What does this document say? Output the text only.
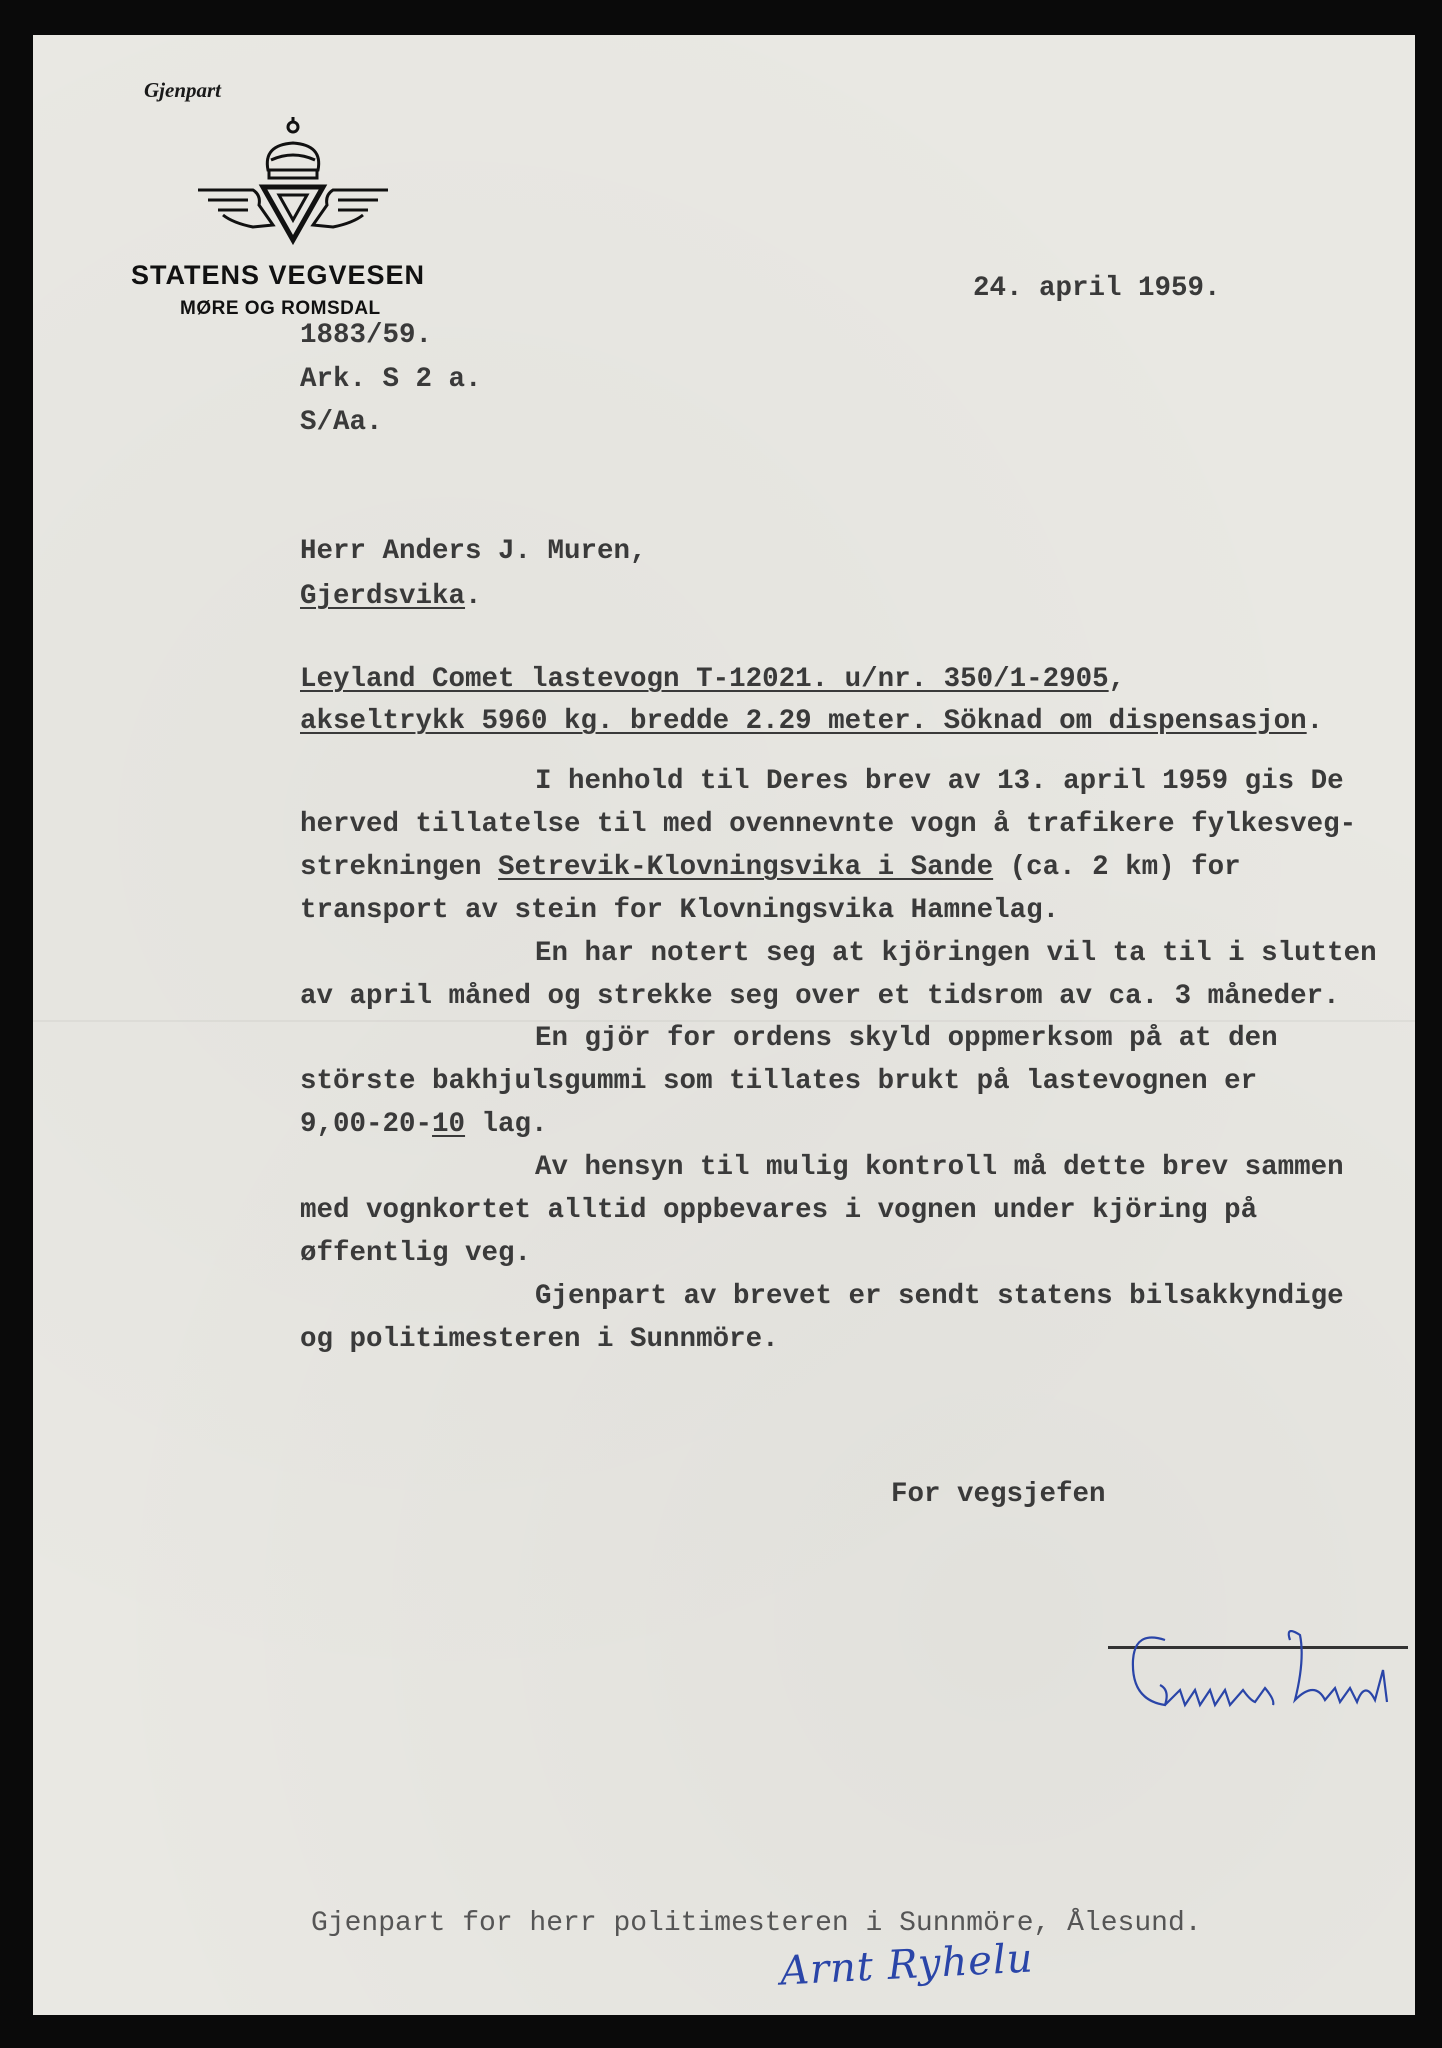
Gjenpart
STATENS VEGVESEN
MØRE OG ROMSDAL
24. april 1959.
1883/59.
Ark. S 2 a.
S/Aa.
Herr Anders J. Muren,
Gjerdsvika.
Leyland Comet lastevogn T-12021. u/nr. 350/1-2905,
akseltrykk 5960 kg. bredde 2.29 meter. Söknad om dispensasjon.
I henhold til Deres brev av 13. april 1959 gis De
herved tillatelse til med ovennevnte vogn å trafikere fylkesveg-
strekningen Setrevik-Klovningsvika i Sande (ca. 2 km) for
transport av stein for Klovningsvika Hamnelag.
En har notert seg at kjöringen vil ta til i slutten
av april måned og strekke seg over et tidsrom av ca. 3 måneder.
En gjör for ordens skyld oppmerksom på at den
störste bakhjulsgummi som tillates brukt på lastevognen er
9,00-20-10 lag.
Av hensyn til mulig kontroll må dette brev sammen
med vognkortet alltid oppbevares i vognen under kjöring på
øffentlig veg.
Gjenpart av brevet er sendt statens bilsakkyndige
og politimesteren i Sunnmöre.
For vegsjefen
Gjenpart for herr politimesteren i Sunnmöre, Ålesund.
Arnt Ryhelu
